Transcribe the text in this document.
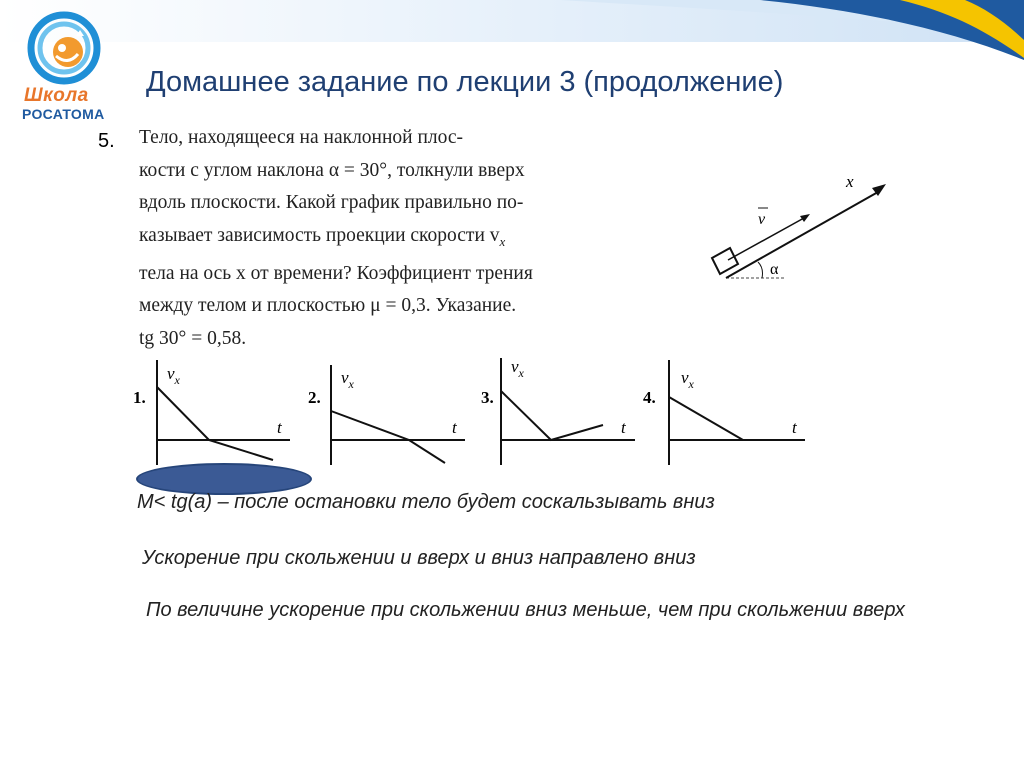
Школа
РОСАТОМА
Домашнее задание по лекции 3 (продолжение)
5. Тело, находящееся на наклонной плос-

кости с углом наклона α = 30°, толкнули вверх

вдоль плоскости. Какой график правильно по-

казывает зависимость проекции скорости $v_x$

тела на ось x от времени? Коэффициент трения

между телом и плоскостью μ = 0,3. Указание.

tg 30° = 0,58.

x
v
α
1.
$v_x$
t
2.
$v_x$
t
3.
$v_x$
t
4.
$v_x$
t
M< tg(a) – после остановки тело будет соскальзывать вниз
Ускорение при скольжении и вверх и вниз направлено вниз
По величине ускорение при скольжении вниз меньше, чем при скольжении вверх
